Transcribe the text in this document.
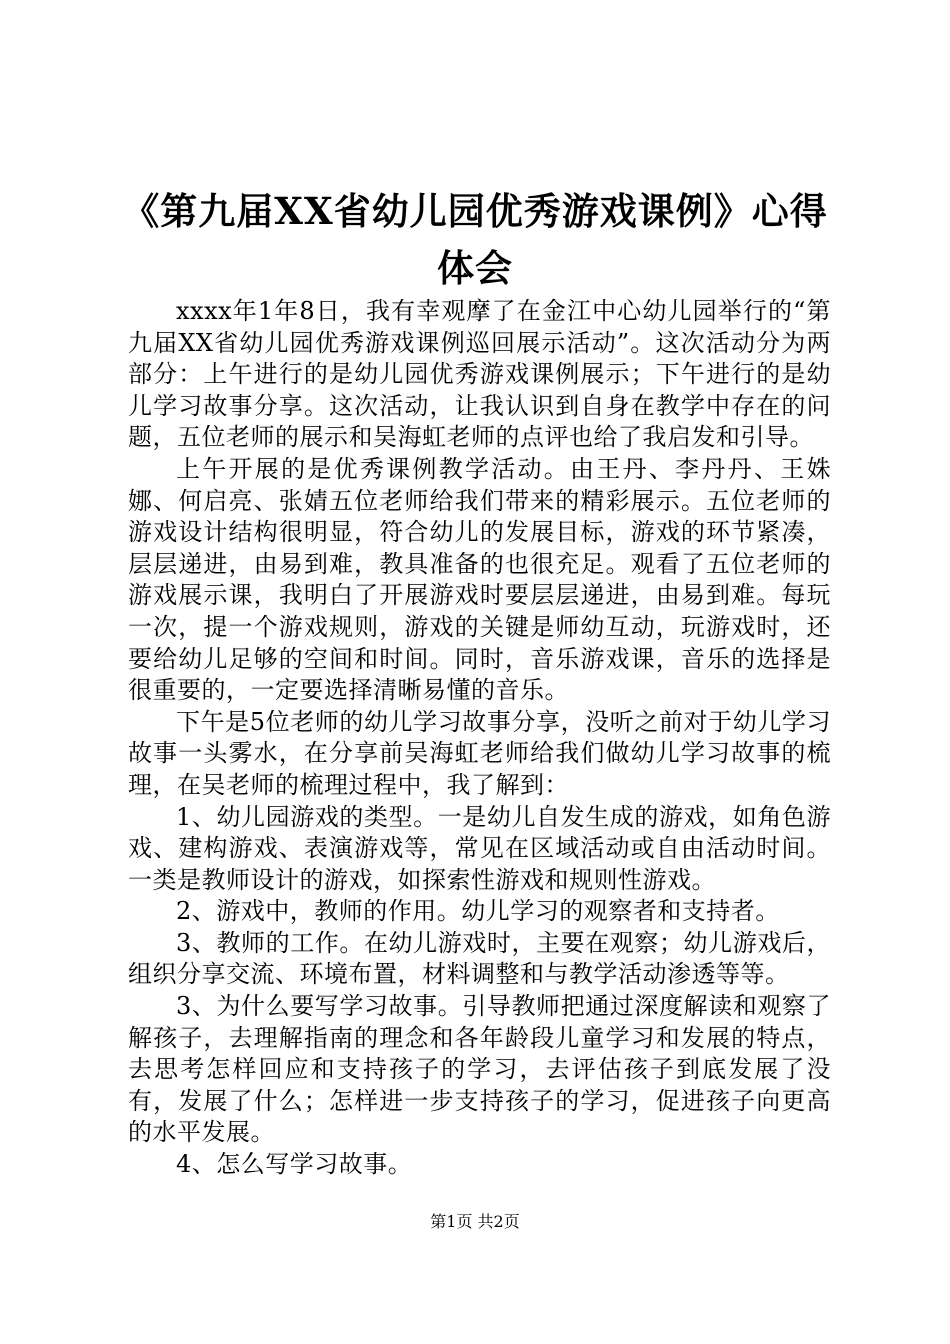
《第九届XX省幼儿园优秀游戏课例》心得体会

xxxx年1年8日，我有幸观摩了在金江中心幼儿园举行的“第九届XX省幼儿园优秀游戏课例巡回展示活动”。这次活动分为两部分：上午进行的是幼儿园优秀游戏课例展示；下午进行的是幼儿学习故事分享。这次活动，让我认识到自身在教学中存在的问题，五位老师的展示和吴海虹老师的点评也给了我启发和引导。

上午开展的是优秀课例教学活动。由王丹、李丹丹、王姝娜、何启亮、张婧五位老师给我们带来的精彩展示。五位老师的游戏设计结构很明显，符合幼儿的发展目标，游戏的环节紧凑，层层递进，由易到难，教具准备的也很充足。观看了五位老师的游戏展示课，我明白了开展游戏时要层层递进，由易到难。每玩一次，提一个游戏规则，游戏的关键是师幼互动，玩游戏时，还要给幼儿足够的空间和时间。同时，音乐游戏课，音乐的选择是很重要的，一定要选择清晰易懂的音乐。

下午是5位老师的幼儿学习故事分享，没听之前对于幼儿学习故事一头雾水，在分享前吴海虹老师给我们做幼儿学习故事的梳理，在吴老师的梳理过程中，我了解到：

1、幼儿园游戏的类型。一是幼儿自发生成的游戏，如角色游戏、建构游戏、表演游戏等，常见在区域活动或自由活动时间。一类是教师设计的游戏，如探索性游戏和规则性游戏。

2、游戏中，教师的作用。幼儿学习的观察者和支持者。

3、教师的工作。在幼儿游戏时，主要在观察；幼儿游戏后，组织分享交流、环境布置，材料调整和与教学活动渗透等等。

3、为什么要写学习故事。引导教师把通过深度解读和观察了解孩子，去理解指南的理念和各年龄段儿童学习和发展的特点，去思考怎样回应和支持孩子的学习，去评估孩子到底发展了没有，发展了什么；怎样进一步支持孩子的学习，促进孩子向更高的水平发展。

4、怎么写学习故事。

第1页 共2页
